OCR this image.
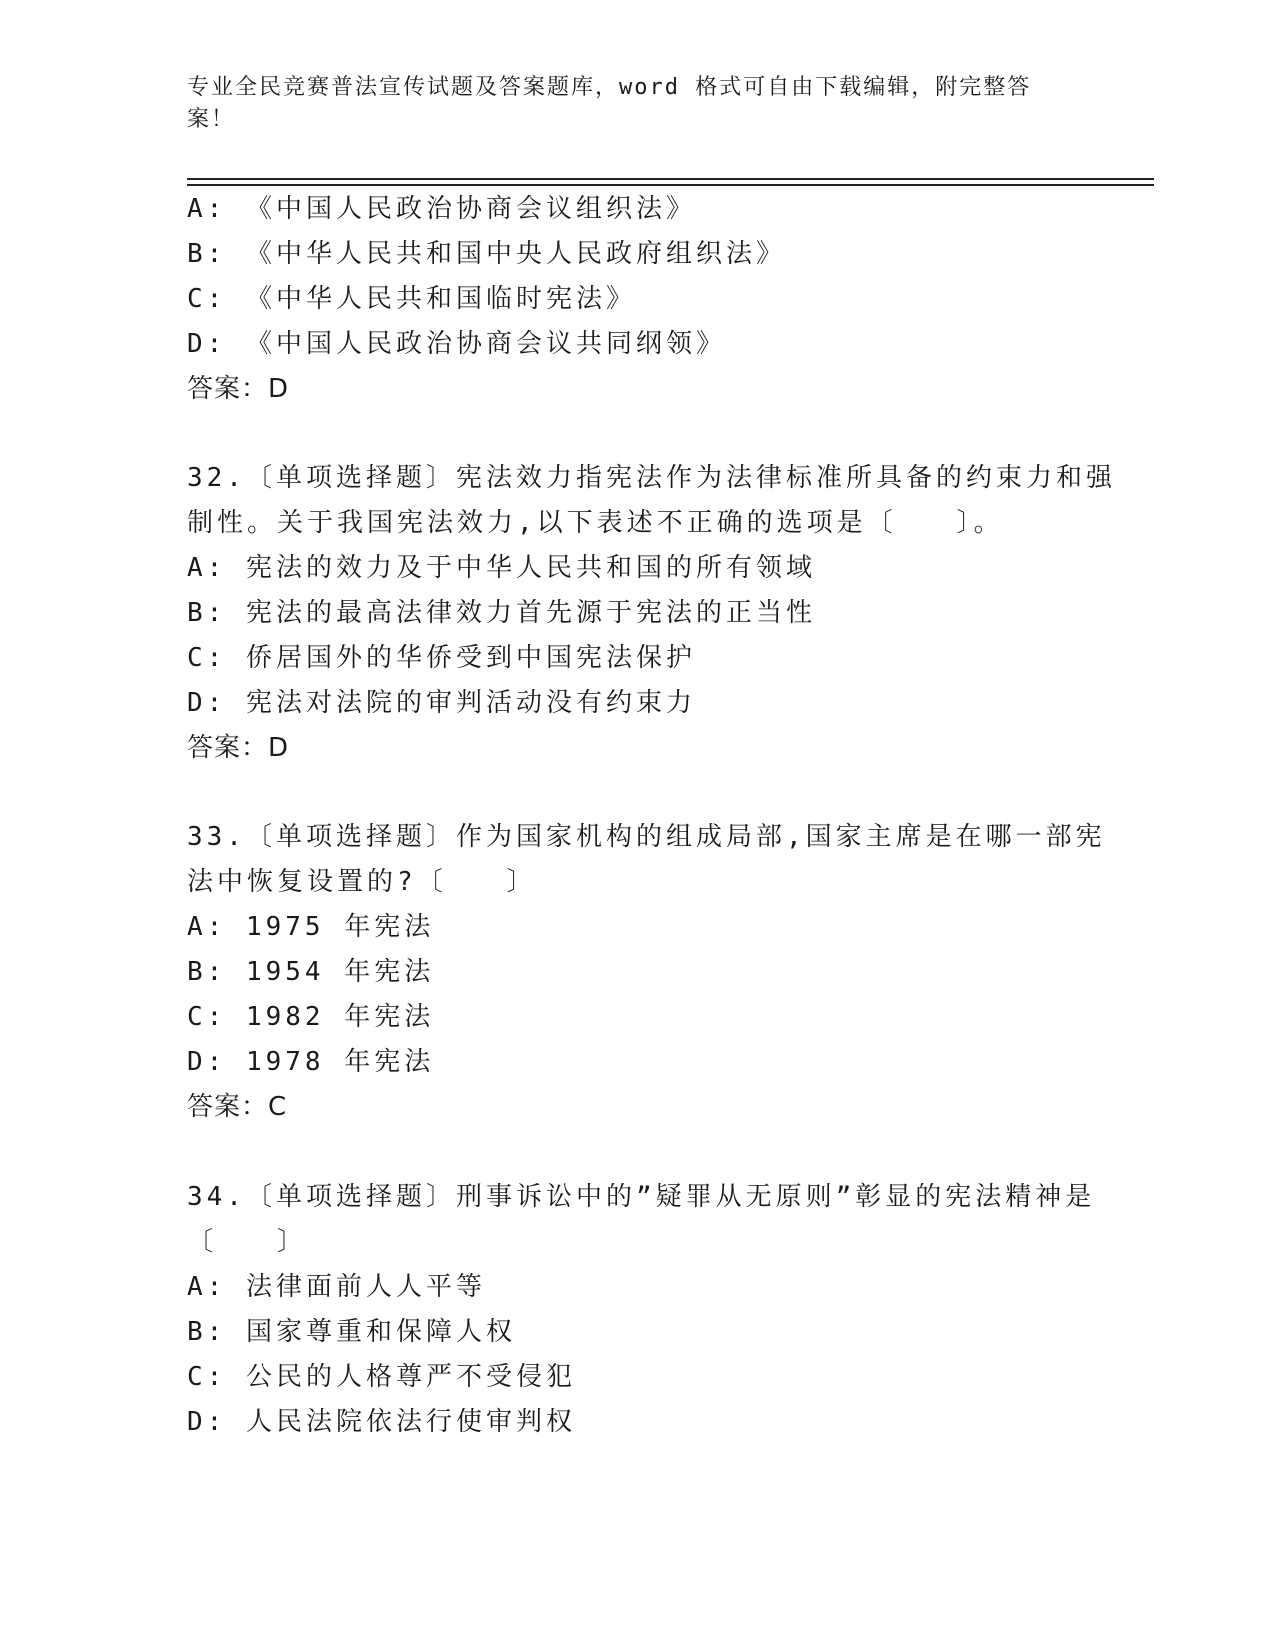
专业全民竞赛普法宣传试题及答案题库，word 格式可自由下载编辑，附完整答案！
A: 《中国人民政治协商会议组织法》
B: 《中华人民共和国中央人民政府组织法》
C: 《中华人民共和国临时宪法》
D: 《中国人民政治协商会议共同纲领》
答案：D
32.〔单项选择题〕宪法效力指宪法作为法律标准所具备的约束力和强
制性。关于我国宪法效力,以下表述不正确的选项是〔　　〕。
A: 宪法的效力及于中华人民共和国的所有领域
B: 宪法的最高法律效力首先源于宪法的正当性
C: 侨居国外的华侨受到中国宪法保护
D: 宪法对法院的审判活动没有约束力
答案：D
33.〔单项选择题〕作为国家机构的组成局部,国家主席是在哪一部宪
法中恢复设置的?〔　　〕
A: 1975 年宪法
B: 1954 年宪法
C: 1982 年宪法
D: 1978 年宪法
答案：C
34.〔单项选择题〕刑事诉讼中的”疑罪从无原则”彰显的宪法精神是
〔　　〕
A: 法律面前人人平等
B: 国家尊重和保障人权
C: 公民的人格尊严不受侵犯
D: 人民法院依法行使审判权
